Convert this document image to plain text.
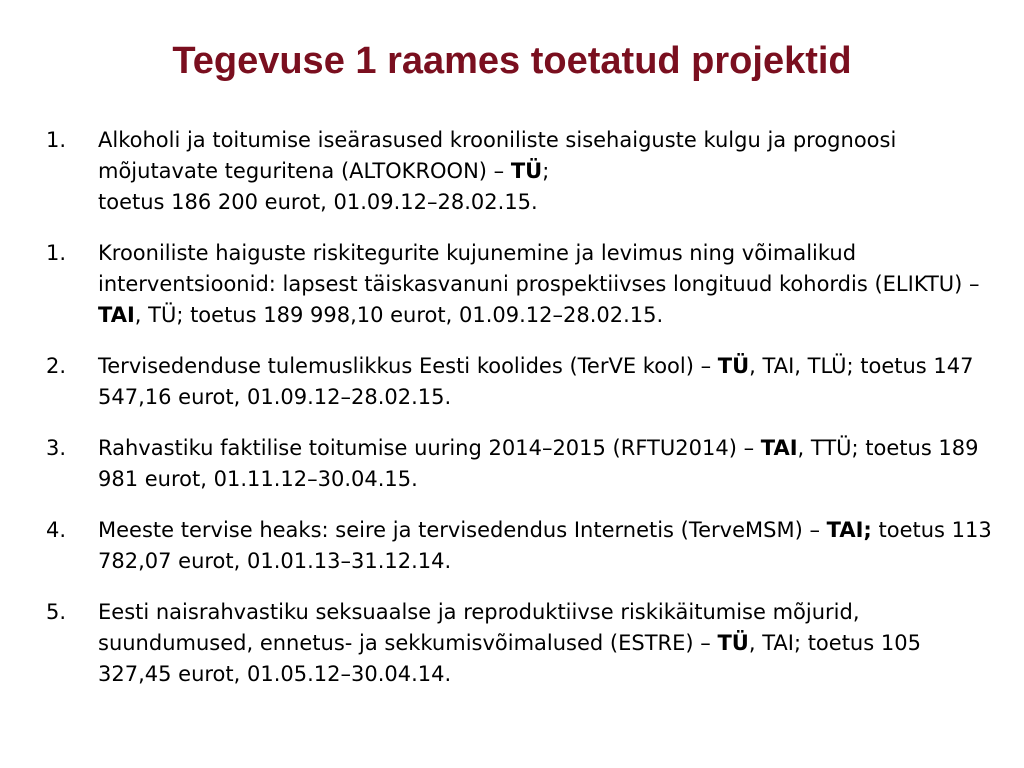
Tegevuse 1 raames toetatud projektid
1. Alkoholi ja toitumise iseärasused krooniliste sisehaiguste kulgu ja prognoosi mõjutavate teguritena (ALTOKROON) – TÜ;
toetus 186 200 eurot, 01.09.12–28.02.15.
1. Krooniliste haiguste riskitegurite kujunemine ja levimus ning võimalikud interventsioonid: lapsest täiskasvanuni prospektiivses longituud kohordis (ELIKTU) – TAI, TÜ; toetus 189 998,10 eurot, 01.09.12–28.02.15.
2. Tervisedenduse tulemuslikkus Eesti koolides (TerVE kool) – TÜ, TAI, TLÜ; toetus 147 547,16 eurot, 01.09.12–28.02.15.
3. Rahvastiku faktilise toitumise uuring 2014–2015 (RFTU2014) – TAI, TTÜ; toetus 189 981 eurot, 01.11.12–30.04.15.
4. Meeste tervise heaks: seire ja tervisedendus Internetis (TerveMSM) – TAI; toetus 113 782,07 eurot, 01.01.13–31.12.14.
5. Eesti naisrahvastiku seksuaalse ja reproduktiivse riskikäitumise mõjurid, suundumused, ennetus- ja sekkumisvõimalused (ESTRE) – TÜ, TAI; toetus 105 327,45 eurot, 01.05.12–30.04.14.
